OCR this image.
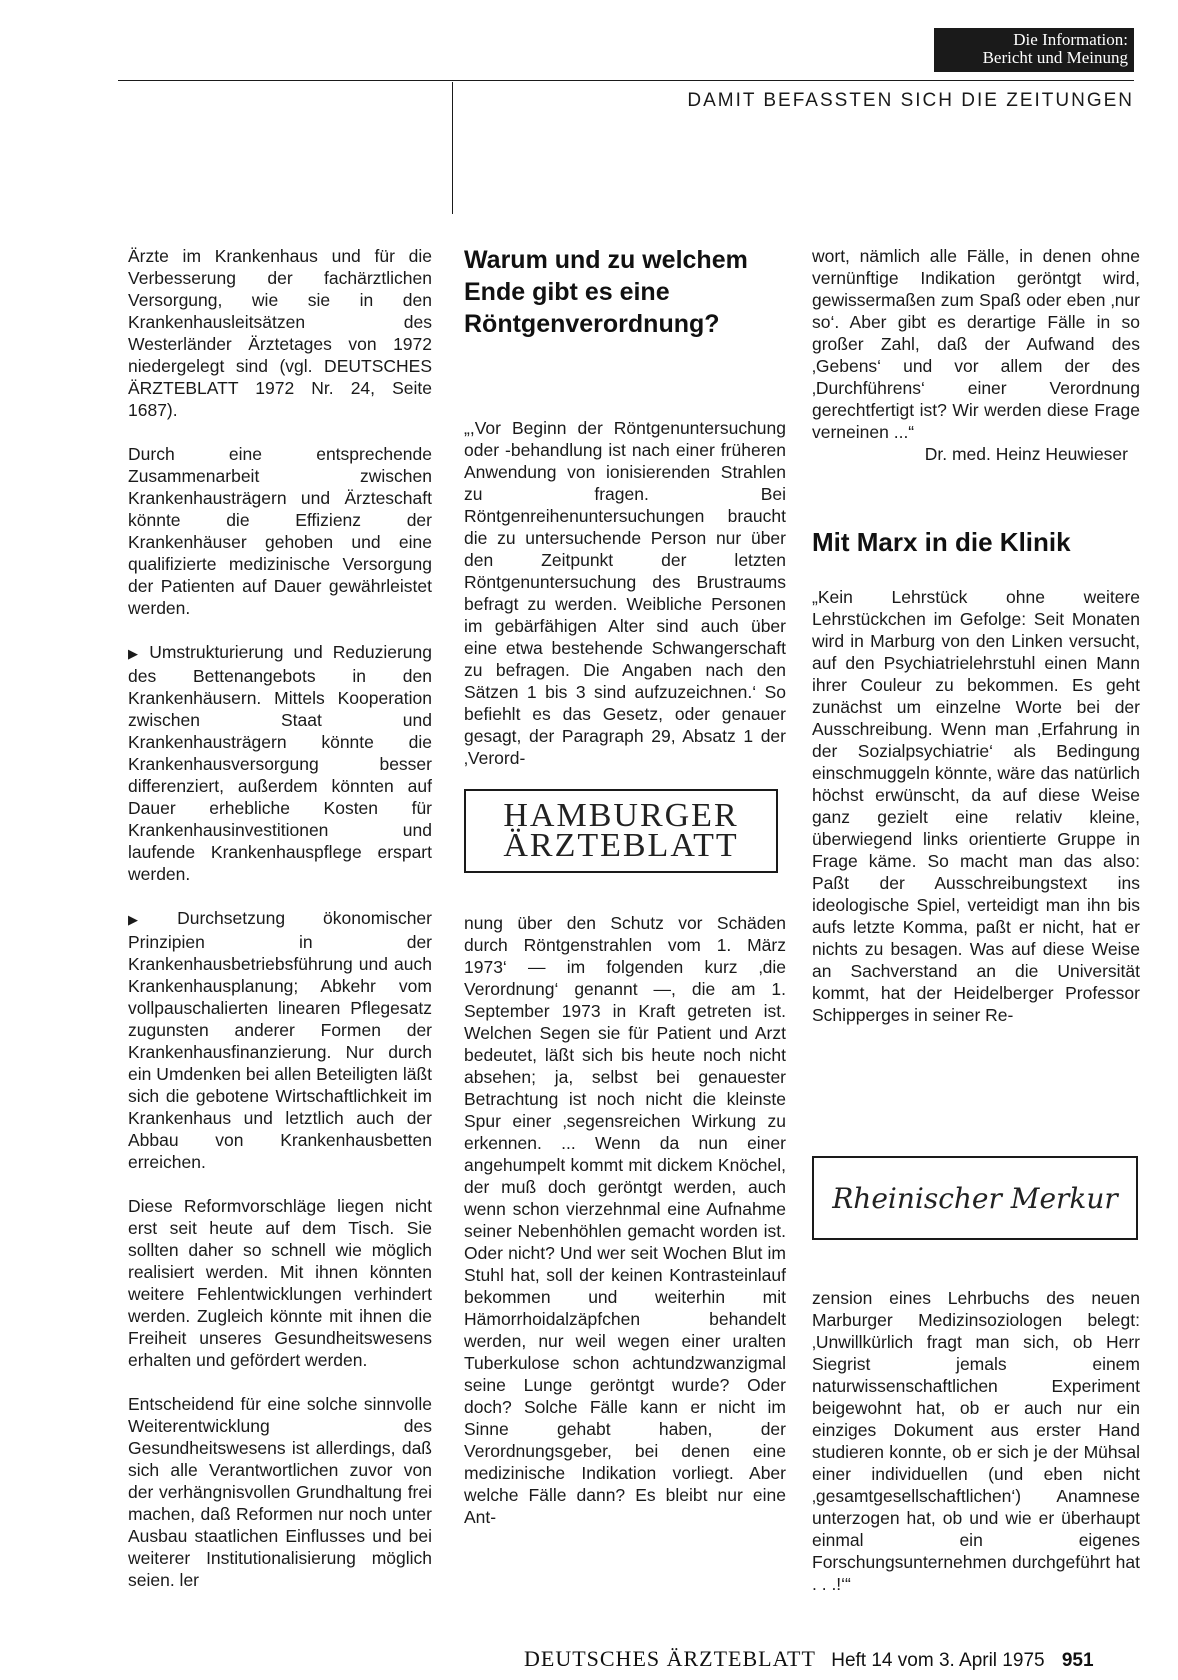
Die Information:
Bericht und Meinung
DAMIT BEFASSTEN SICH DIE ZEITUNGEN

Ärzte im Krankenhaus und für die Verbesserung der fachärztlichen Versorgung, wie sie in den Krankenhausleitsätzen des Westerländer Ärztetages von 1972 niedergelegt sind (vgl. DEUTSCHES ÄRZTEBLATT 1972 Nr. 24, Seite 1687).

Durch eine entsprechende Zusammenarbeit zwischen Krankenhausträgern und Ärzteschaft könnte die Effizienz der Krankenhäuser gehoben und eine qualifizierte medizinische Versorgung der Patienten auf Dauer gewährleistet werden.

▶ Umstrukturierung und Reduzierung des Bettenangebots in den Krankenhäusern. Mittels Kooperation zwischen Staat und Krankenhausträgern könnte die Krankenhausversorgung besser differenziert, außerdem könnten auf Dauer erhebliche Kosten für Krankenhausinvestitionen und laufende Krankenhauspflege erspart werden.

▶ Durchsetzung ökonomischer Prinzipien in der Krankenhausbetriebsführung und auch Krankenhausplanung; Abkehr vom vollpauschalierten linearen Pflegesatz zugunsten anderer Formen der Krankenhausfinanzierung. Nur durch ein Umdenken bei allen Beteiligten läßt sich die gebotene Wirtschaftlichkeit im Krankenhaus und letztlich auch der Abbau von Krankenhausbetten erreichen.

Diese Reformvorschläge liegen nicht erst seit heute auf dem Tisch. Sie sollten daher so schnell wie möglich realisiert werden. Mit ihnen könnten weitere Fehlentwicklungen verhindert werden. Zugleich könnte mit ihnen die Freiheit unseres Gesundheitswesens erhalten und gefördert werden.

Entscheidend für eine solche sinnvolle Weiterentwicklung des Gesundheitswesens ist allerdings, daß sich alle Verantwortlichen zuvor von der verhängnisvollen Grundhaltung frei machen, daß Reformen nur noch unter Ausbau staatlichen Einflusses und bei weiterer Institutionalisierung möglich seien. ler

Warum und zu welchem Ende gibt es eine Röntgenverordnung?

„,Vor Beginn der Röntgenuntersuchung oder -behandlung ist nach einer früheren Anwendung von ionisierenden Strahlen zu fragen. Bei Röntgenreihenuntersuchungen braucht die zu untersuchende Person nur über den Zeitpunkt der letzten Röntgenuntersuchung des Brustraums befragt zu werden. Weibliche Personen im gebärfähigen Alter sind auch über eine etwa bestehende Schwangerschaft zu befragen. Die Angaben nach den Sätzen 1 bis 3 sind aufzuzeichnen.‘ So befiehlt es das Gesetz, oder genauer gesagt, der Paragraph 29, Absatz 1 der ‚Verord-

HAMBURGER
ÄRZTEBLATT

nung über den Schutz vor Schäden durch Röntgenstrahlen vom 1. März 1973‘ — im folgenden kurz ‚die Verordnung‘ genannt —, die am 1. September 1973 in Kraft getreten ist. Welchen Segen sie für Patient und Arzt bedeutet, läßt sich bis heute noch nicht absehen; ja, selbst bei genauester Betrachtung ist noch nicht die kleinste Spur einer ‚segensreichen Wirkung zu erkennen. ... Wenn da nun einer angehumpelt kommt mit dickem Knöchel, der muß doch geröntgt werden, auch wenn schon vierzehnmal eine Aufnahme seiner Nebenhöhlen gemacht worden ist. Oder nicht? Und wer seit Wochen Blut im Stuhl hat, soll der keinen Kontrasteinlauf bekommen und weiterhin mit Hämorrhoidalzäpfchen behandelt werden, nur weil wegen einer uralten Tuberkulose schon achtundzwanzigmal seine Lunge geröntgt wurde? Oder doch? Solche Fälle kann er nicht im Sinne gehabt haben, der Verordnungsgeber, bei denen eine medizinische Indikation vorliegt. Aber welche Fälle dann? Es bleibt nur eine Ant-

wort, nämlich alle Fälle, in denen ohne vernünftige Indikation geröntgt wird, gewissermaßen zum Spaß oder eben ‚nur so‘. Aber gibt es derartige Fälle in so großer Zahl, daß der Aufwand des ‚Gebens‘ und vor allem der des ‚Durchführens‘ einer Verordnung gerechtfertigt ist? Wir werden diese Frage verneinen ...“

Dr. med. Heinz Heuwieser

Mit Marx in die Klinik

„Kein Lehrstück ohne weitere Lehrstückchen im Gefolge: Seit Monaten wird in Marburg von den Linken versucht, auf den Psychiatrielehrstuhl einen Mann ihrer Couleur zu bekommen. Es geht zunächst um einzelne Worte bei der Ausschreibung. Wenn man ‚Erfahrung in der Sozialpsychiatrie‘ als Bedingung einschmuggeln könnte, wäre das natürlich höchst erwünscht, da auf diese Weise ganz gezielt eine relativ kleine, überwiegend links orientierte Gruppe in Frage käme. So macht man das also: Paßt der Ausschreibungstext ins ideologische Spiel, verteidigt man ihn bis aufs letzte Komma, paßt er nicht, hat er nichts zu besagen. Was auf diese Weise an Sachverstand an die Universität kommt, hat der Heidelberger Professor Schipperges in seiner Re-

Rheinischer Merkur

zension eines Lehrbuchs des neuen Marburger Medizinsoziologen belegt: ‚Unwillkürlich fragt man sich, ob Herr Siegrist jemals einem naturwissenschaftlichen Experiment beigewohnt hat, ob er auch nur ein einziges Dokument aus erster Hand studieren konnte, ob er sich je der Mühsal einer individuellen (und eben nicht ‚gesamtgesellschaftlichen‘) Anamnese unterzogen hat, ob und wie er überhaupt einmal ein eigenes Forschungsunternehmen durchgeführt hat . . .!‘“

DEUTSCHES ÄRZTEBLATT Heft 14 vom 3. April 1975 951
